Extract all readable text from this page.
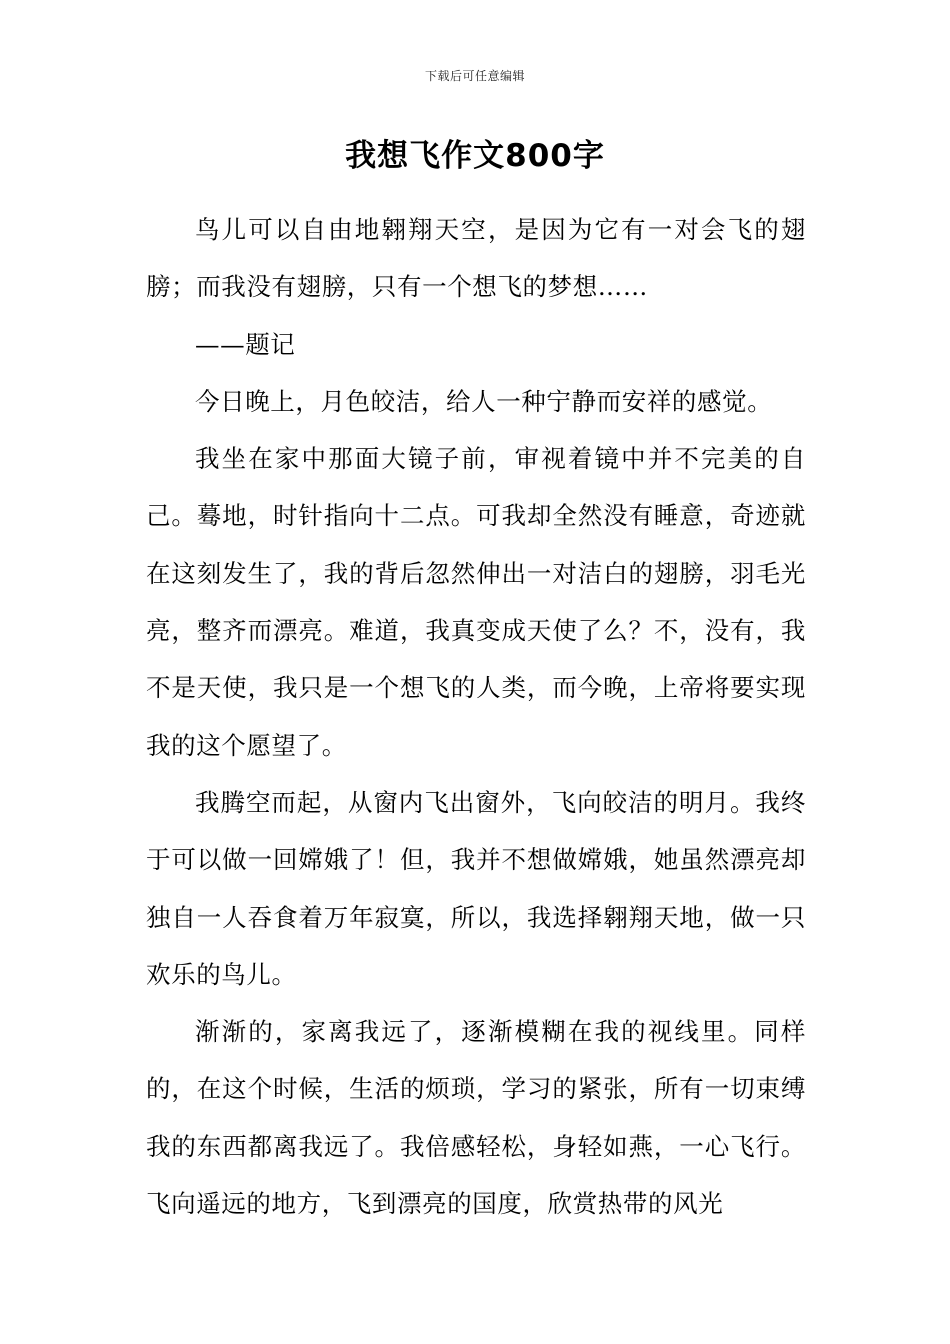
下载后可任意编辑
我想飞作文800字

鸟儿可以自由地翱翔天空，是因为它有一对会飞的翅膀；而我没有翅膀，只有一个想飞的梦想……

——题记

今日晚上，月色皎洁，给人一种宁静而安祥的感觉。

我坐在家中那面大镜子前，审视着镜中并不完美的自己。蓦地，时针指向十二点。可我却全然没有睡意，奇迹就在这刻发生了，我的背后忽然伸出一对洁白的翅膀，羽毛光亮，整齐而漂亮。难道，我真变成天使了么？不，没有，我不是天使，我只是一个想飞的人类，而今晚，上帝将要实现我的这个愿望了。

我腾空而起，从窗内飞出窗外，飞向皎洁的明月。我终于可以做一回嫦娥了！但，我并不想做嫦娥，她虽然漂亮却独自一人吞食着万年寂寞，所以，我选择翱翔天地，做一只欢乐的鸟儿。

渐渐的，家离我远了，逐渐模糊在我的视线里。同样的，在这个时候，生活的烦琐，学习的紧张，所有一切束缚我的东西都离我远了。我倍感轻松，身轻如燕，一心飞行。飞向遥远的地方，飞到漂亮的国度，欣赏热带的风光
